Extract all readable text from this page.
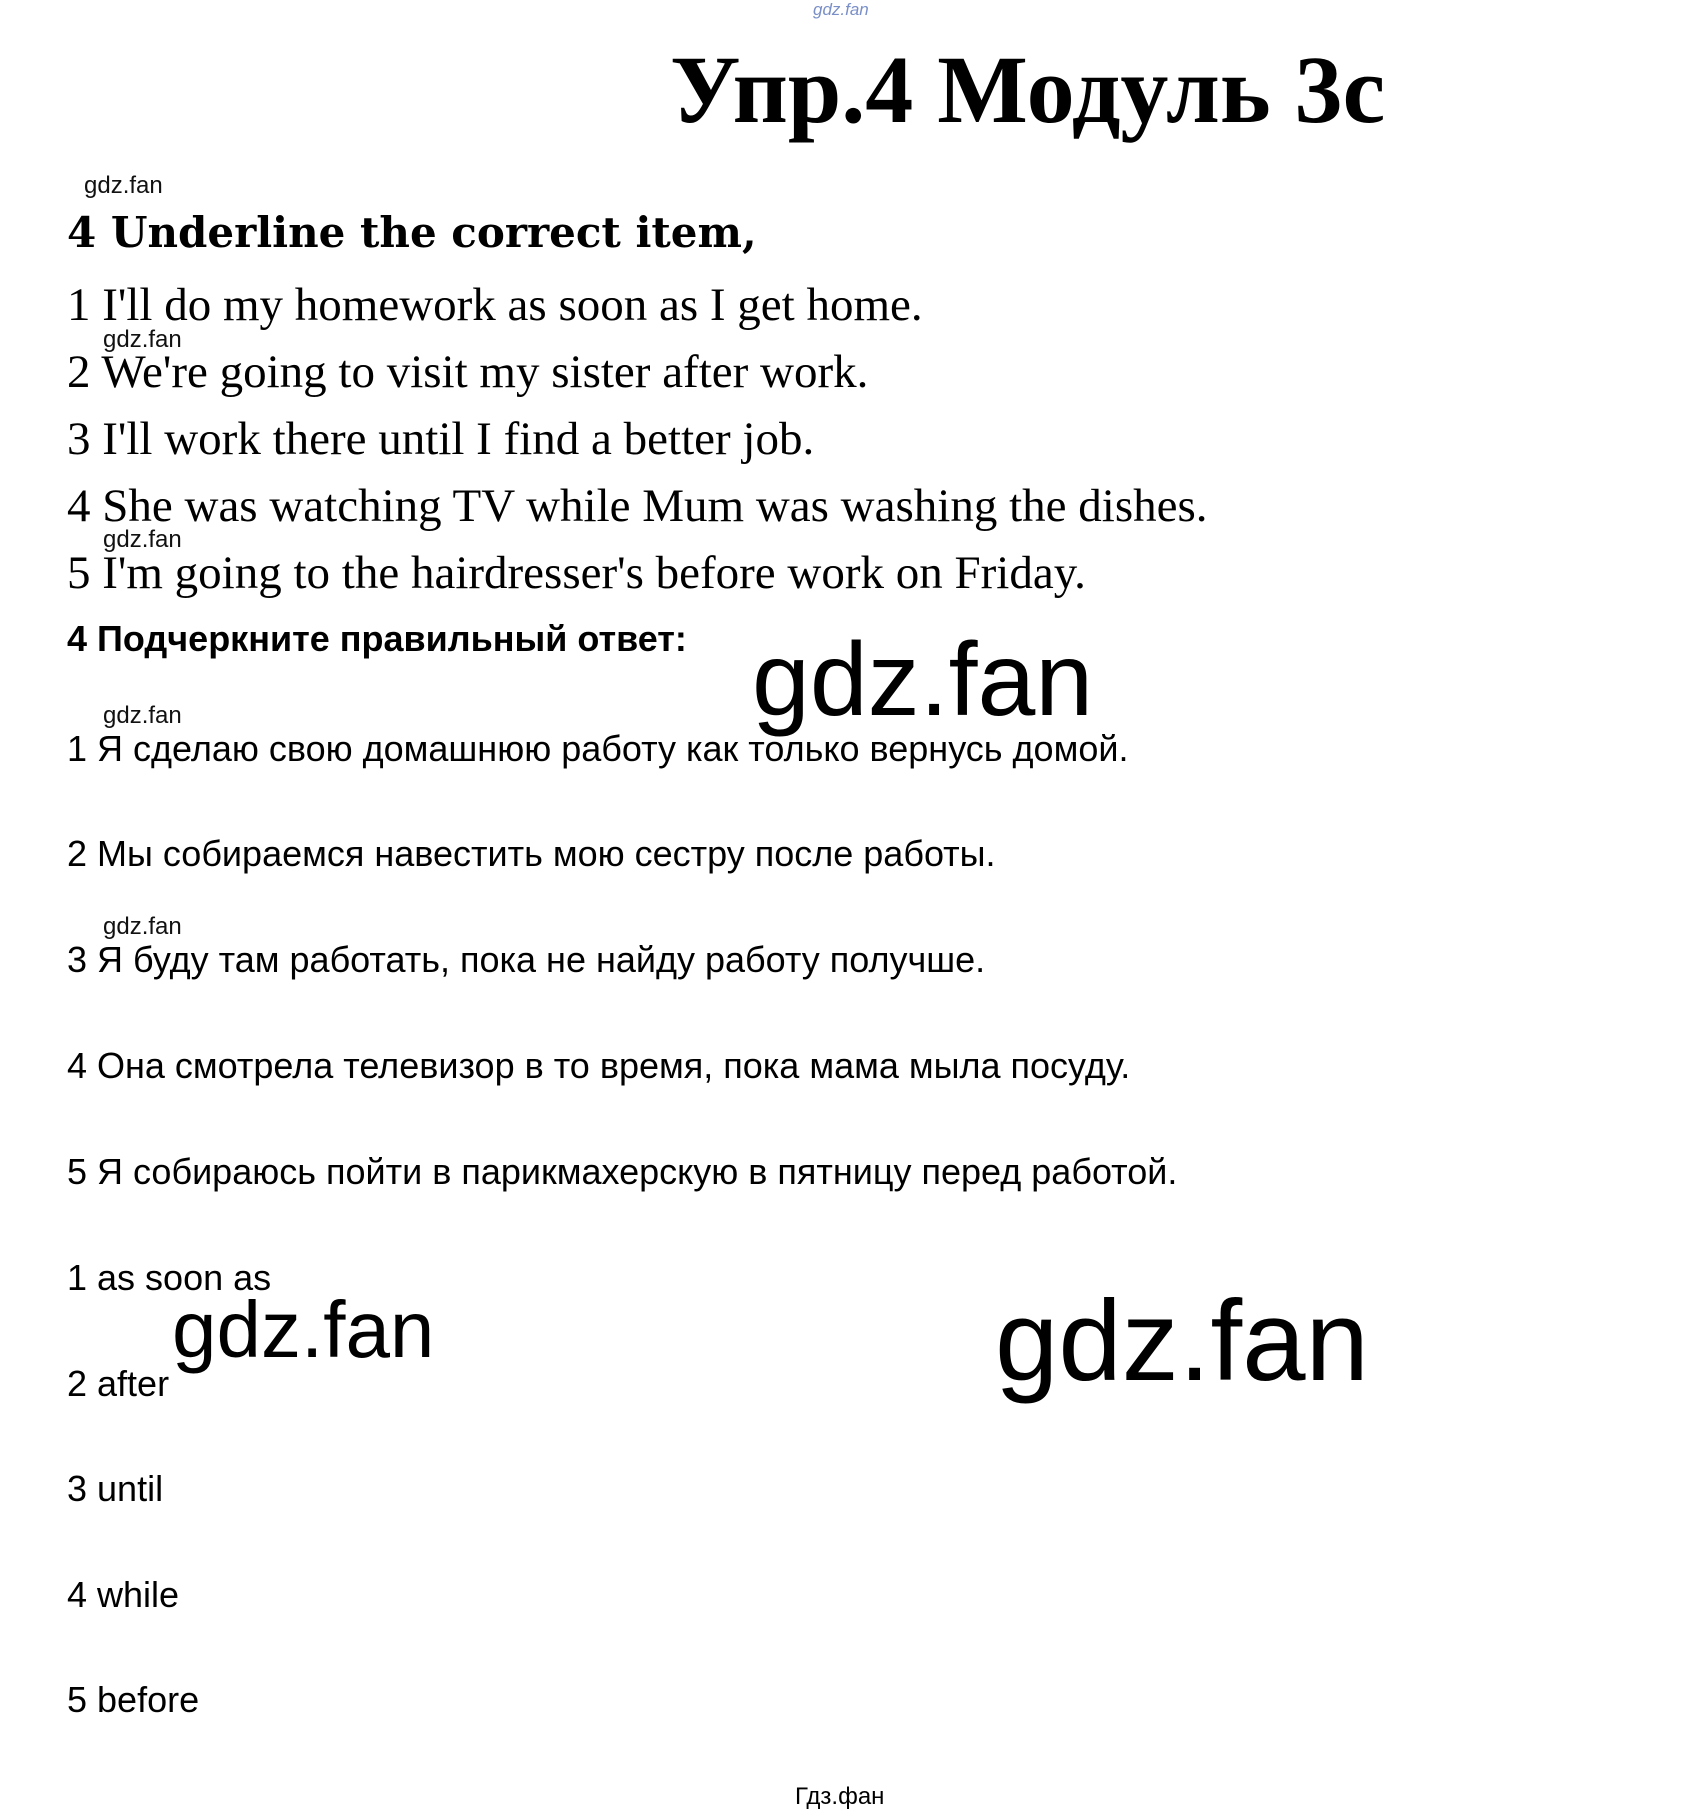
gdz.fan
Упр.4 Модуль 3c
gdz.fan
4 Underline the correct item,
1 I'll do my homework as soon as I get home.
gdz.fan
2 We're going to visit my sister after work.
3 I'll work there until I find a better job.
4 She was watching TV while Mum was washing the dishes.
gdz.fan
5 I'm going to the hairdresser's before work on Friday.
4 Подчеркните правильный ответ: gdz.fan
gdz.fan
1 Я сделаю свою домашнюю работу как только вернусь домой.
2 Мы собираемся навестить мою сестру после работы.
gdz.fan
3 Я буду там работать, пока не найду работу получше.
4 Она смотрела телевизор в то время, пока мама мыла посуду.
5 Я собираюсь пойти в парикмахерскую в пятницу перед работой.
1 as soon as
gdz.fan	gdz.fan
2 after
3 until
4 while
5 before
Гдз.фан
